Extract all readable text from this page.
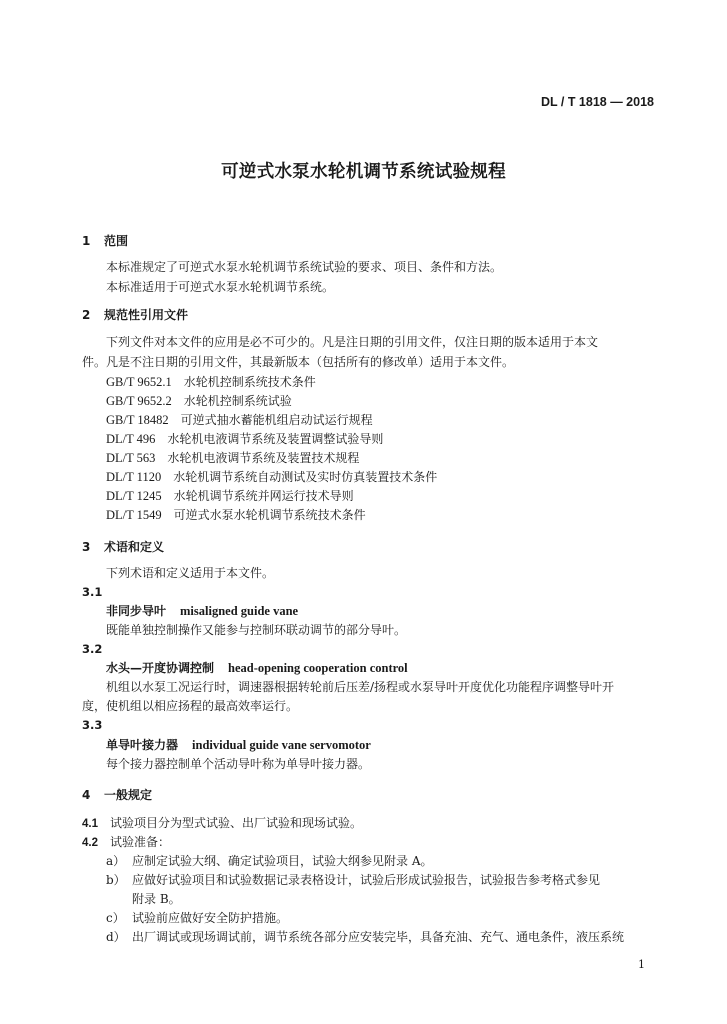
DL / T 1818 — 2018
可逆式水泵水轮机调节系统试验规程
1 范围
本标准规定了可逆式水泵水轮机调节系统试验的要求、项目、条件和方法。
本标准适用于可逆式水泵水轮机调节系统。
2 规范性引用文件
下列文件对本文件的应用是必不可少的。凡是注日期的引用文件，仅注日期的版本适用于本文
件。凡是不注日期的引用文件，其最新版本（包括所有的修改单）适用于本文件。
GB/T 9652.1 水轮机控制系统技术条件
GB/T 9652.2 水轮机控制系统试验
GB/T 18482 可逆式抽水蓄能机组启动试运行规程
DL/T 496 水轮机电液调节系统及装置调整试验导则
DL/T 563 水轮机电液调节系统及装置技术规程
DL/T 1120 水轮机调节系统自动测试及实时仿真装置技术条件
DL/T 1245 水轮机调节系统并网运行技术导则
DL/T 1549 可逆式水泵水轮机调节系统技术条件
3 术语和定义
下列术语和定义适用于本文件。
3.1
非同步导叶 misaligned guide vane
既能单独控制操作又能参与控制环联动调节的部分导叶。
3.2
水头—开度协调控制 head-opening cooperation control
机组以水泵工况运行时，调速器根据转轮前后压差/扬程或水泵导叶开度优化功能程序调整导叶开
度，使机组以相应扬程的最高效率运行。
3.3
单导叶接力器 individual guide vane servomotor
每个接力器控制单个活动导叶称为单导叶接力器。
4 一般规定
4.1 试验项目分为型式试验、出厂试验和现场试验。
4.2 试验准备：
a） 应制定试验大纲、确定试验项目，试验大纲参见附录 A。
b） 应做好试验项目和试验数据记录表格设计，试验后形成试验报告，试验报告参考格式参见
附录 B。
c） 试验前应做好安全防护措施。
d） 出厂调试或现场调试前，调节系统各部分应安装完毕，具备充油、充气、通电条件，液压系统
1
